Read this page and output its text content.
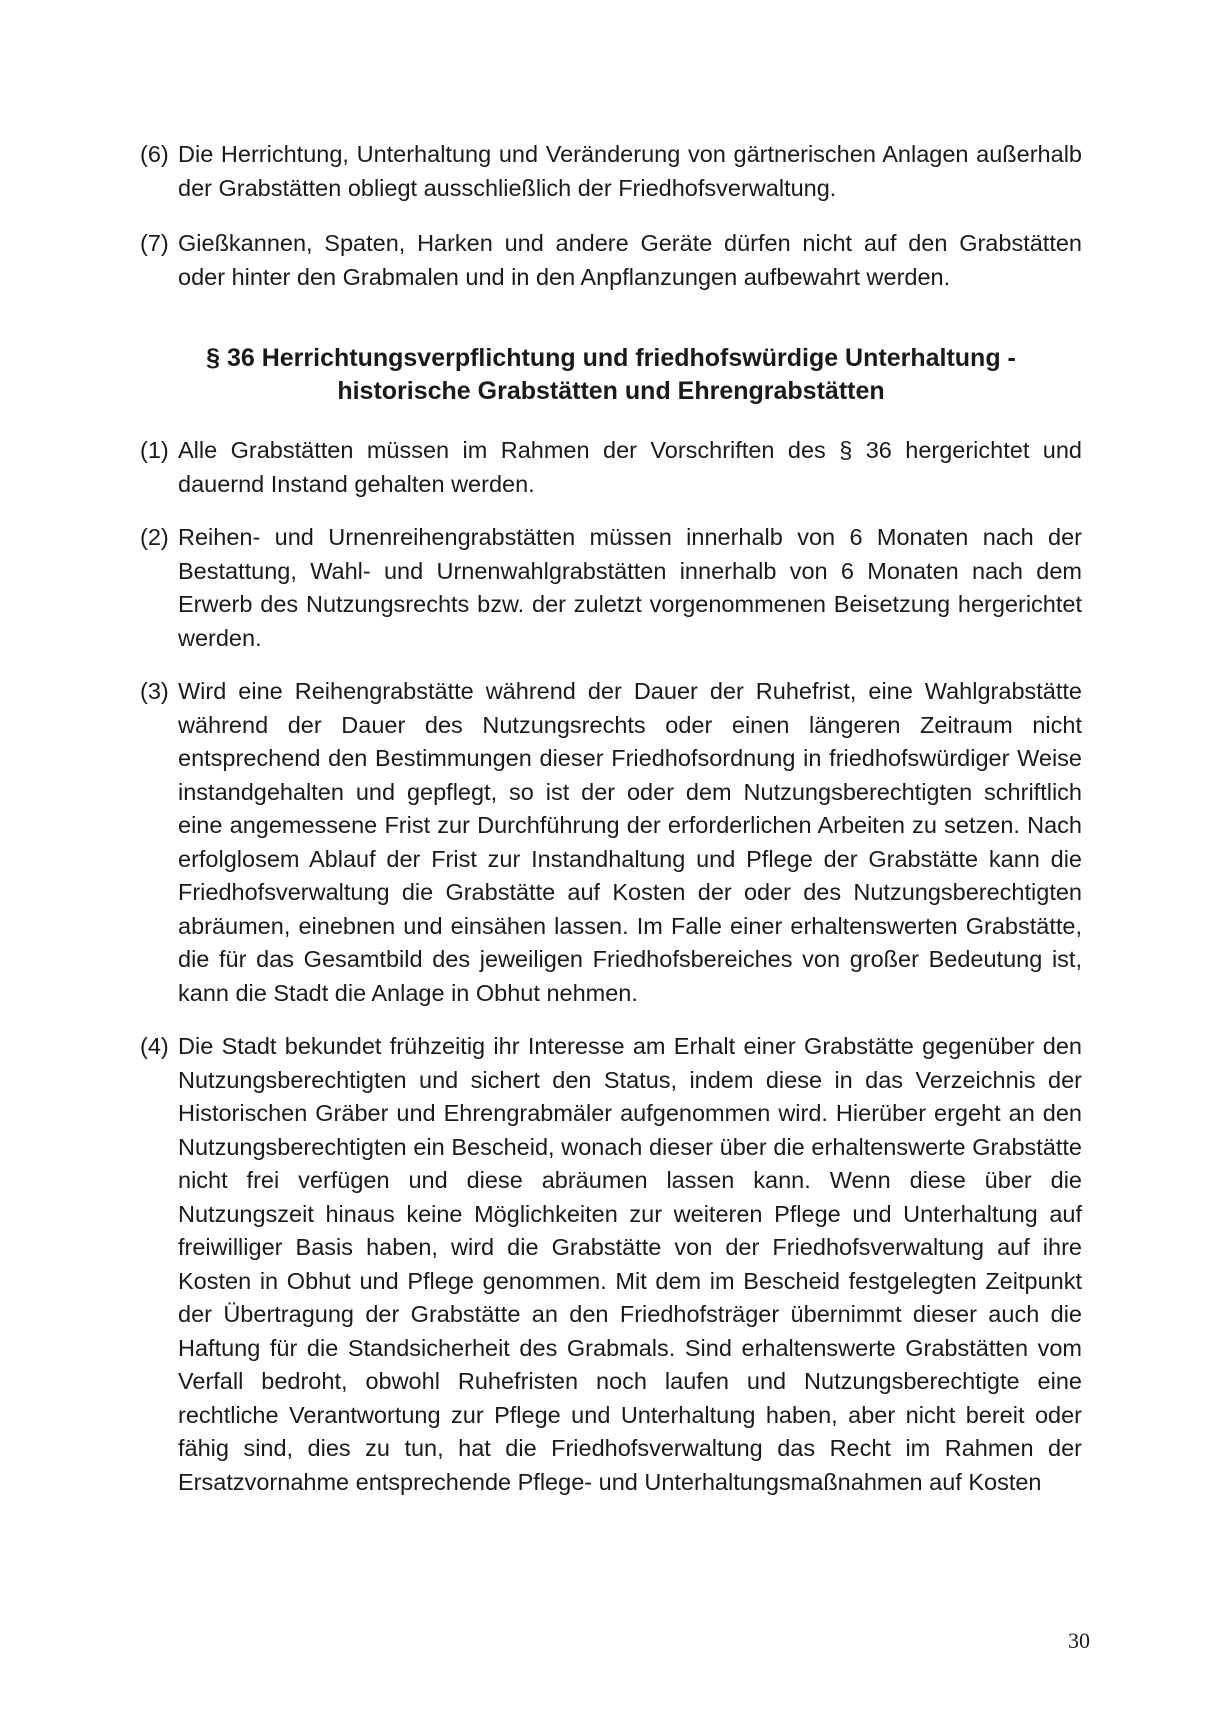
(6) Die Herrichtung, Unterhaltung und Veränderung von gärtnerischen Anlagen außerhalb der Grabstätten obliegt ausschließlich der Friedhofsverwaltung.
(7) Gießkannen, Spaten, Harken und andere Geräte dürfen nicht auf den Grabstätten oder hinter den Grabmalen und in den Anpflanzungen aufbewahrt werden.
§ 36 Herrichtungsverpflichtung und friedhofswürdige Unterhaltung -
historische Grabstätten und Ehrengrabstätten
(1) Alle Grabstätten müssen im Rahmen der Vorschriften des § 36 hergerichtet und dauernd Instand gehalten werden.
(2) Reihen- und Urnenreihengrabstätten müssen innerhalb von 6 Monaten nach der Bestattung, Wahl- und Urnenwahlgrabstätten innerhalb von 6 Monaten nach dem Erwerb des Nutzungsrechts bzw. der zuletzt vorgenommenen Beisetzung hergerichtet werden.
(3) Wird eine Reihengrabstätte während der Dauer der Ruhefrist, eine Wahlgrabstätte während der Dauer des Nutzungsrechts oder einen längeren Zeitraum nicht entsprechend den Bestimmungen dieser Friedhofsordnung in friedhofswürdiger Weise instandgehalten und gepflegt, so ist der oder dem Nutzungsberechtigten schriftlich eine angemessene Frist zur Durchführung der erforderlichen Arbeiten zu setzen. Nach erfolglosem Ablauf der Frist zur Instandhaltung und Pflege der Grabstätte kann die Friedhofsverwaltung die Grabstätte auf Kosten der oder des Nutzungsberechtigten abräumen, einebnen und einsähen lassen. Im Falle einer erhaltenswerten Grabstätte, die für das Gesamtbild des jeweiligen Friedhofsbereiches von großer Bedeutung ist, kann die Stadt die Anlage in Obhut nehmen.
(4) Die Stadt bekundet frühzeitig ihr Interesse am Erhalt einer Grabstätte gegenüber den Nutzungsberechtigten und sichert den Status, indem diese in das Verzeichnis der Historischen Gräber und Ehrengrabmäler aufgenommen wird. Hierüber ergeht an den Nutzungsberechtigten ein Bescheid, wonach dieser über die erhaltenswerte Grabstätte nicht frei verfügen und diese abräumen lassen kann. Wenn diese über die Nutzungszeit hinaus keine Möglichkeiten zur weiteren Pflege und Unterhaltung auf freiwilliger Basis haben, wird die Grabstätte von der Friedhofsverwaltung auf ihre Kosten in Obhut und Pflege genommen. Mit dem im Bescheid festgelegten Zeitpunkt der Übertragung der Grabstätte an den Friedhofsträger übernimmt dieser auch die Haftung für die Standsicherheit des Grabmals. Sind erhaltenswerte Grabstätten vom Verfall bedroht, obwohl Ruhefristen noch laufen und Nutzungsberechtigte eine rechtliche Verantwortung zur Pflege und Unterhaltung haben, aber nicht bereit oder fähig sind, dies zu tun, hat die Friedhofsverwaltung das Recht im Rahmen der Ersatzvornahme entsprechende Pflege- und Unterhaltungsmaßnahmen auf Kosten
30
